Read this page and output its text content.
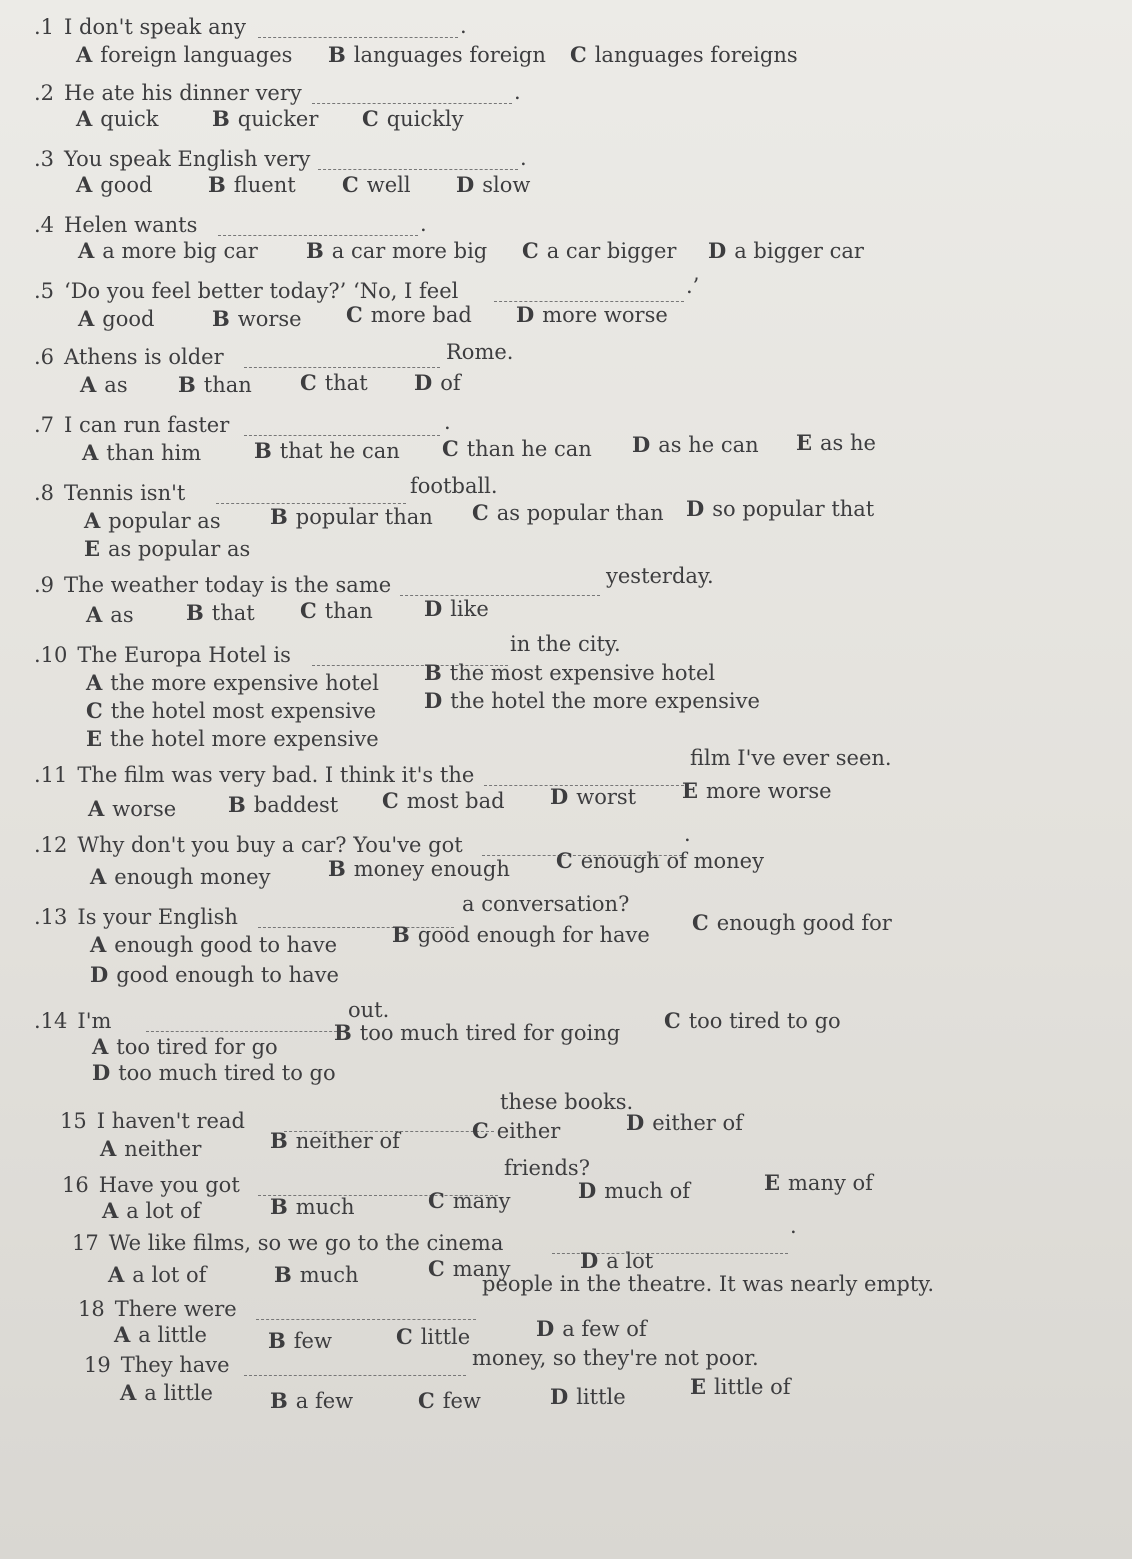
.1 I don't speak any	.
A foreign languages B languages foreign C languages foreigns
.2 He ate his dinner very	.
A quick	B quicker C quickly
.3 You speak English very	.
A good	B fluent C well D slow
.4 Helen wants	.
A a more big car B a car more big C a car bigger D a bigger car
.5 ‘Do you feel better today?’ ‘No, I feel	.’
A good	B worse C more bad D more worse
.6 Athens is older	Rome.
A as B than C that D of
.7 I can run faster	.
A than him	B that he can C than he can D as he can E as he
.8 Tennis isn't	football.
A popular as B popular than C as popular than D so popular that
E as popular as
.9 The weather today is the same	yesterday.
A as B that C than D like
.10 The Europa Hotel is	in the city.
A the more expensive hotel B the most expensive hotel
C the hotel most expensive D the hotel the more expensive
E the hotel more expensive
.11 The film was very bad. I think it's the
film I've ever seen.
A worse B baddest C most bad D worst E more worse
.12 Why don't you buy a car? You've got	.
A enough money	B money enough C enough of money
.13 Is your English
a conversation?
A enough good to have	B good enough for have C enough good for
D good enough to have
.14 I'm	out.
A too tired for go
B too much tired for going C too tired to go
D too much tired to go
15 I haven't read
these books.
A neither	B neither of	C either	D either of
16 Have you got
friends?
A a lot of	B much	C many	D much of	E many of
17 We like films, so we go to the cinema
.
A a lot of	B much	C many	D a lot
18 There were
people in the theatre. It was nearly empty.
A a little	B few	C little	D a few of
19 They have	money, so they're not poor.
A a little	B a few	C few	D little	E little of
